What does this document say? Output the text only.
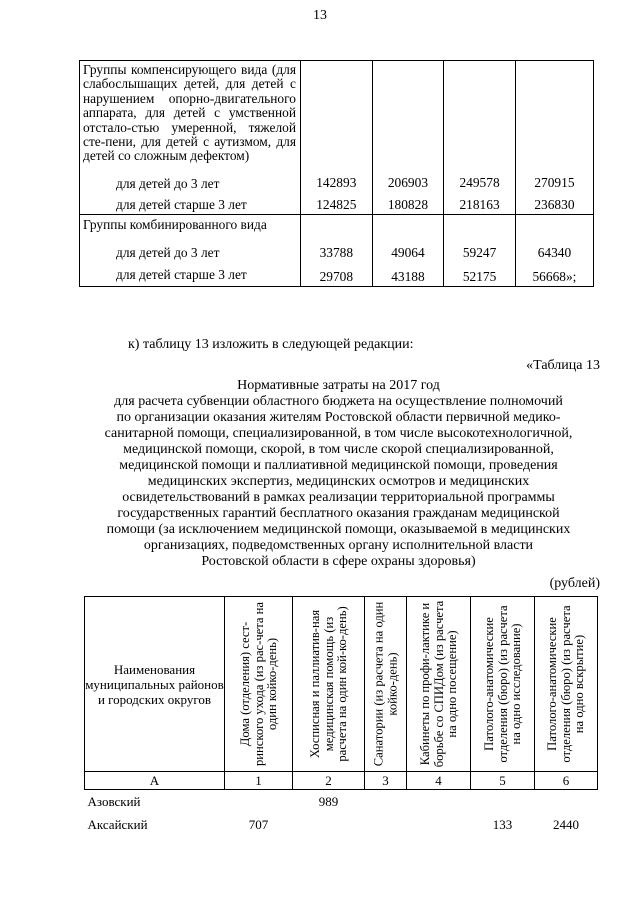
13
Группы компенсирующего вида (для слабослышащих детей, для детей с нарушением опорно-двигательного аппарата, для детей с умственной отстало-стью умеренной, тяжелой сте-пени, для детей с аутизмом, для детей со сложным дефектом)				

для детей до 3 лет	142893	206903	249578	270915

для детей старше 3 лет	124825	180828	218163	236830

Группы комбинированного вида				

для детей до 3 лет	33788	49064	59247	64340

для детей старше 3 лет	29708	43188	52175	56668»;
к) таблицу 13 изложить в следующей редакции:
«Таблица 13
Нормативные затраты на 2017 год
для расчета субвенции областного бюджета на осуществление полномочий
по организации оказания жителям Ростовской области первичной медико-
санитарной помощи, специализированной, в том числе высокотехнологичной,
медицинской помощи, скорой, в том числе скорой специализированной,
медицинской помощи и паллиативной медицинской помощи, проведения
медицинских экспертиз, медицинских осмотров и медицинских
освидетельствований в рамках реализации территориальной программы
государственных гарантий бесплатного оказания гражданам медицинской
помощи (за исключением медицинской помощи, оказываемой в медицинских
организациях, подведомственных органу исполнительной власти
Ростовской области в сфере охраны здоровья)
(рублей)
Наименования муниципальных районов и городских округов	Дома (отделения) сест-ринского ухода (из рас-чета на один койко-день)	Хосписная и паллиатив-ная медицинская помощь (из расчета на один кой-ко-день)	Санатории (из расчета на один койко-день)	Кабинеты по профи-лактике и борьбе со СПИДом (из расчета на одно посещение)	Патолого-анатомические отделения (бюро) (из расчета на одно исследование)	Патолого-анатомические отделения (бюро) (из расчета на одно вскрытие)

А	1	2	3	4	5	6
Азовский		989				
Аксайский	707				133	2440
